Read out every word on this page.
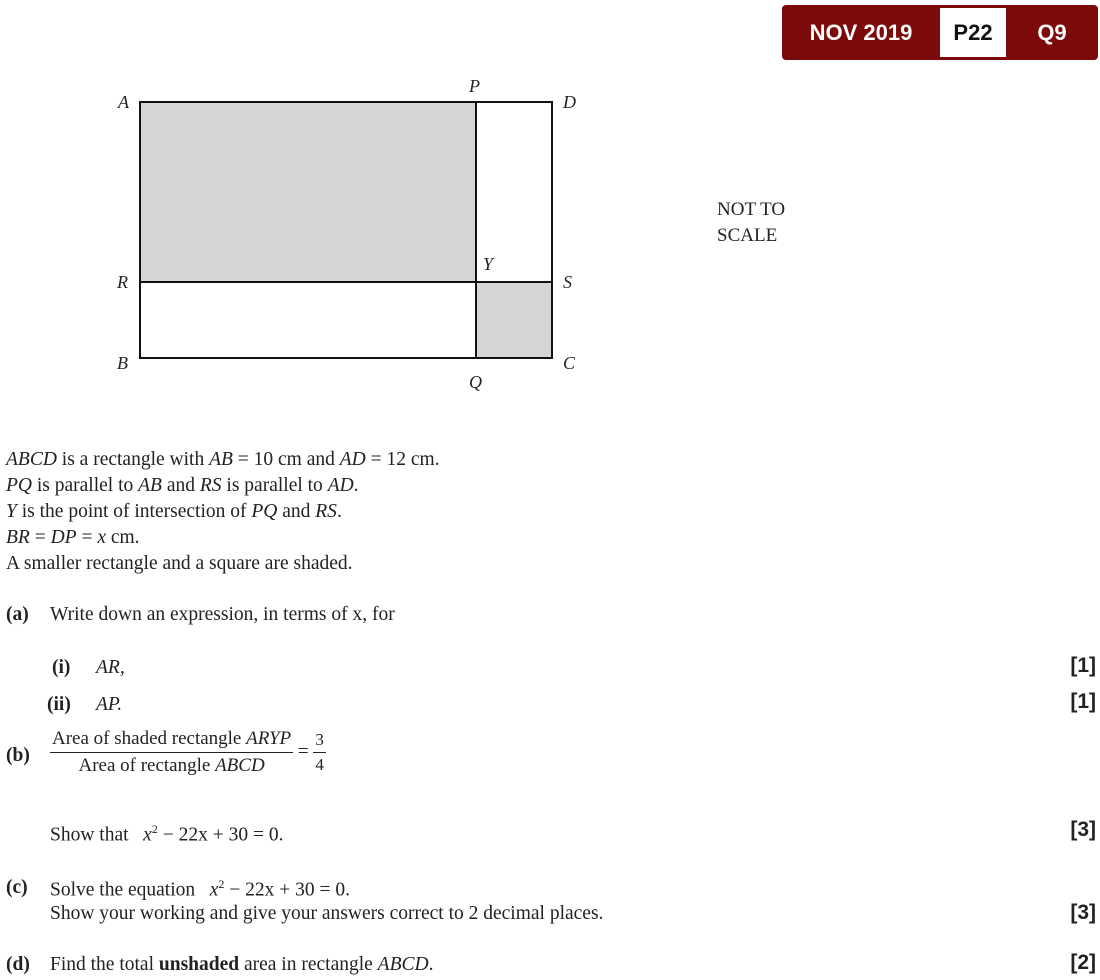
NOV 2019	P22	Q9
A
P
D
R
Y
S
B
Q
C
NOT TO
SCALE
ABCD is a rectangle with AB = 10 cm and AD = 12 cm.
PQ is parallel to AB and RS is parallel to AD.
Y is the point of intersection of PQ and RS.
BR = DP = x cm.
A smaller rectangle and a square are shaded.
(a) Write down an expression, in terms of x, for
(i) AR,	[1]
(ii) AP.	[1]
$(b) \frac{\text{Area of shaded rectangle ARYP}}{\text{Area of rectangle ABCD}} = \frac{3}{4}$
Show that $x^2 - 22x + 30 = 0$.	[3]
(c) Solve the equation $x^2 - 22x + 30 = 0$.
Show your working and give your answers correct to 2 decimal places.	[3]
(d) Find the total unshaded area in rectangle ABCD.	[2]
